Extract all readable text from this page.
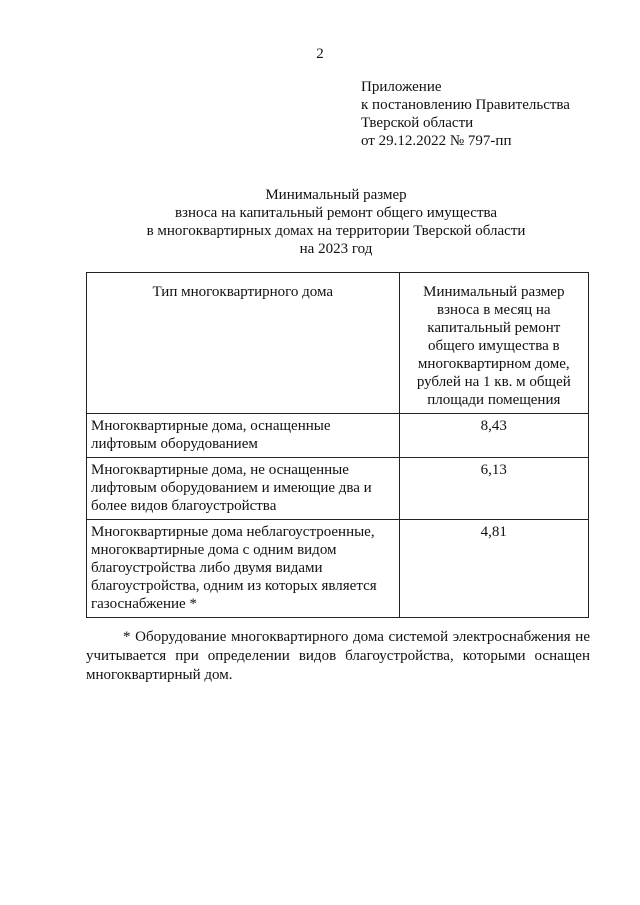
2
Приложение
к постановлению Правительства
Тверской области
от 29.12.2022 № 797-пп
Минимальный размер
взноса на капитальный ремонт общего имущества
в многоквартирных домах на территории Тверской области
на 2023 год
Тип многоквартирного дома	Минимальный размер взноса в месяц на капитальный ремонт общего имущества в многоквартирном доме, рублей на 1 кв. м общей площади помещения
Многоквартирные дома, оснащенные лифтовым оборудованием	8,43
Многоквартирные дома, не оснащенные лифтовым оборудованием и имеющие два и более видов благоустройства	6,13
Многоквартирные дома неблагоустроенные, многоквартирные дома с одним видом благоустройства либо двумя видами благоустройства, одним из которых является газоснабжение *	4,81
* Оборудование многоквартирного дома системой электроснабжения не учитывается при определении видов благоустройства, которыми оснащен многоквартирный дом.
